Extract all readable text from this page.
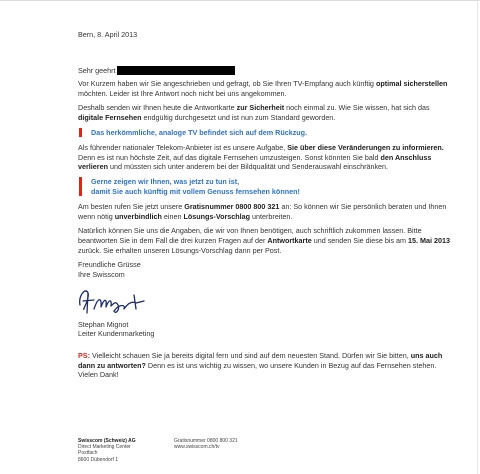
Bern, 8. April 2013

Sehr geehrt

Vor Kurzem haben wir Sie angeschrieben und gefragt, ob Sie Ihren TV-Empfang auch künftig optimal sicherstellen möchten. Leider ist Ihre Antwort noch nicht bei uns angekommen.

Deshalb senden wir Ihnen heute die Antwortkarte zur Sicherheit noch einmal zu. Wie Sie wissen, hat sich das digitale Fernsehen endgültig durchgesetzt und ist nun zum Standard geworden.

Das herkömmliche, analoge TV befindet sich auf dem Rückzug.

Als führender nationaler Telekom-Anbieter ist es unsere Aufgabe, Sie über diese Veränderungen zu informieren. Denn es ist nun höchste Zeit, auf das digitale Fernsehen umzusteigen. Sonst könnten Sie bald den Anschluss verlieren und müssten sich unter anderem bei der Bildqualität und Senderauswahl einschränken.

Gerne zeigen wir Ihnen, was jetzt zu tun ist,
damit Sie auch künftig mit vollem Genuss fernsehen können!

Am besten rufen Sie jetzt unsere Gratisnummer 0800 800 321 an: So können wir Sie persönlich beraten und Ihnen wenn nötig unverbindlich einen Lösungs-Vorschlag unterbreiten.

Natürlich können Sie uns die Angaben, die wir von Ihnen benötigen, auch schriftlich zukommen lassen. Bitte beantworten Sie in dem Fall die drei kurzen Fragen auf der Antwortkarte und senden Sie diese bis am 15. Mai 2013 zurück. Sie erhalten unseren Lösungs-Vorschlag dann per Post.

Freundliche Grüsse
Ihre Swisscom
Stephan Mignot
Leiter Kundenmarketing

PS: Vielleicht schauen Sie ja bereits digital fern und sind auf dem neuesten Stand. Dürfen wir Sie bitten, uns auch dann zu antworten? Denn es ist uns wichtig zu wissen, wo unsere Kunden in Bezug auf das Fernsehen stehen. Vielen Dank!

Swisscom (Schweiz) AG
Direct Marketing Center
Postfach
8600 Dübendorf 1
Gratisnummer 0800 800 321
www.swisscom.ch/tv
